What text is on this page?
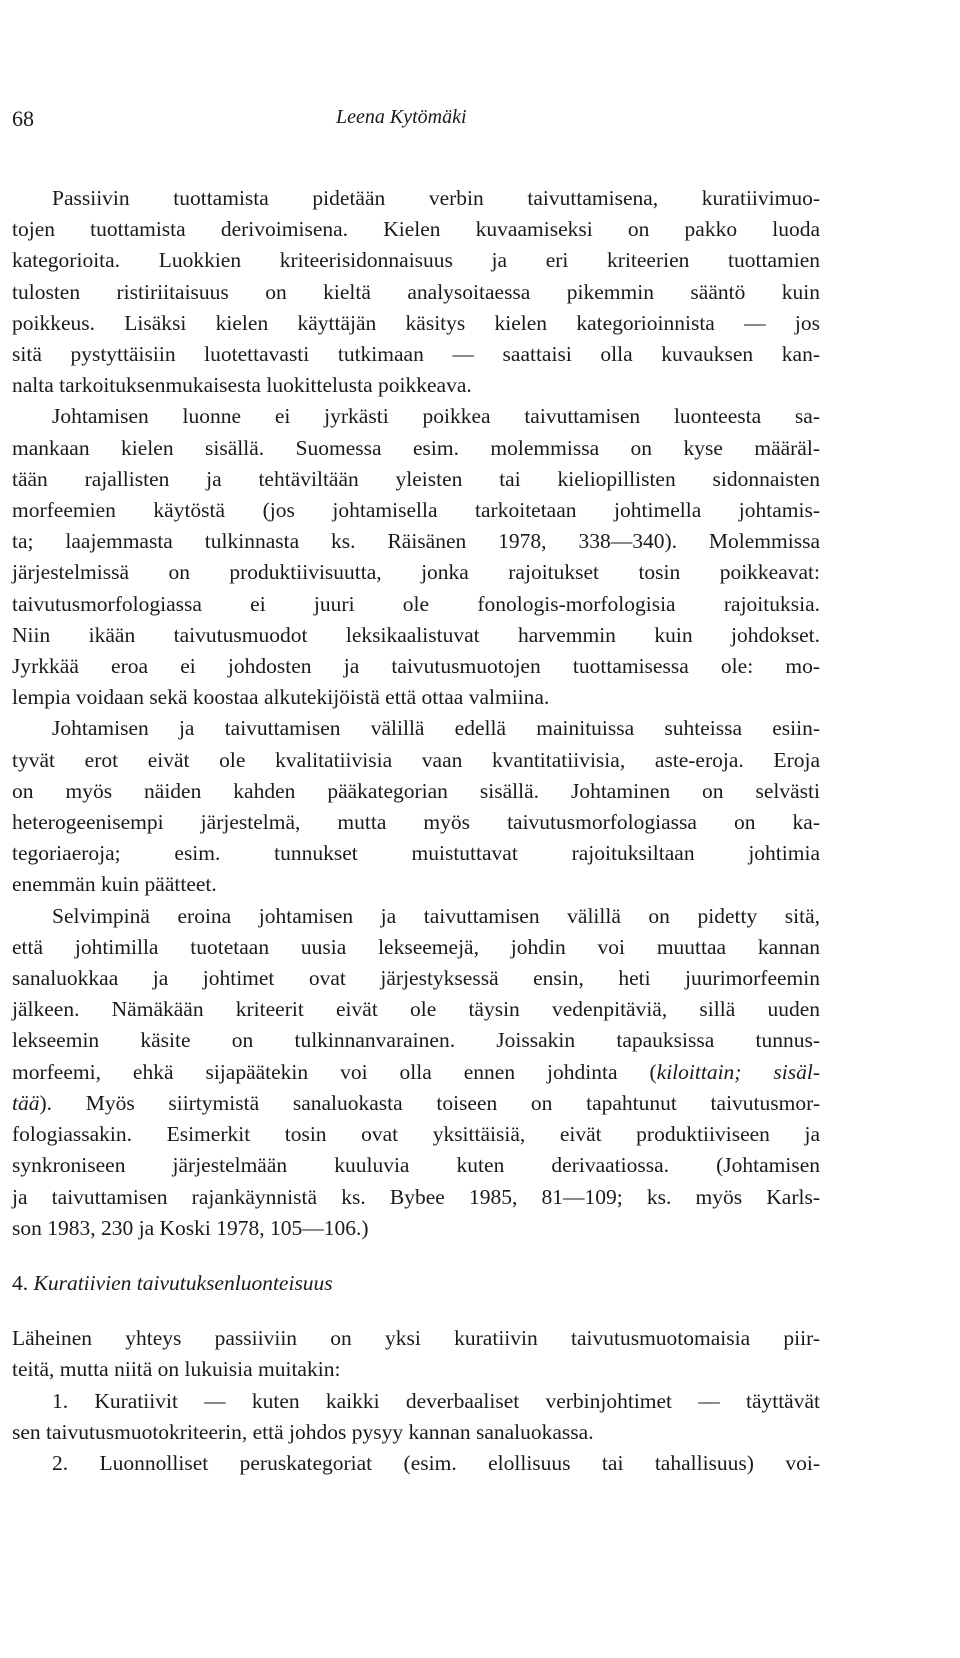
68	Leena Kytömäki
Passiivin tuottamista pidetään verbin taivuttamisena, kuratiivimuo-
tojen tuottamista derivoimisena. Kielen kuvaamiseksi on pakko luoda
kategorioita. Luokkien kriteerisidonnaisuus ja eri kriteerien tuottamien
tulosten ristiriitaisuus on kieltä analysoitaessa pikemmin sääntö kuin
poikkeus. Lisäksi kielen käyttäjän käsitys kielen kategorioinnista — jos
sitä pystyttäisiin luotettavasti tutkimaan — saattaisi olla kuvauksen kan-
nalta tarkoituksenmukaisesta luokittelusta poikkeava.
Johtamisen luonne ei jyrkästi poikkea taivuttamisen luonteesta sa-
mankaan kielen sisällä. Suomessa esim. molemmissa on kyse määräl-
tään rajallisten ja tehtäviltään yleisten tai kieliopillisten sidonnaisten
morfeemien käytöstä (jos johtamisella tarkoitetaan johtimella johtamis-
ta; laajemmasta tulkinnasta ks. Räisänen 1978, 338—340). Molemmissa
järjestelmissä on produktiivisuutta, jonka rajoitukset tosin poikkeavat:
taivutusmorfologiassa ei juuri ole fonologis-morfologisia rajoituksia.
Niin ikään taivutusmuodot leksikaalistuvat harvemmin kuin johdokset.
Jyrkkää eroa ei johdosten ja taivutusmuotojen tuottamisessa ole: mo-
lempia voidaan sekä koostaa alkutekijöistä että ottaa valmiina.
Johtamisen ja taivuttamisen välillä edellä mainituissa suhteissa esiin-
tyvät erot eivät ole kvalitatiivisia vaan kvantitatiivisia, aste-eroja. Eroja
on myös näiden kahden pääkategorian sisällä. Johtaminen on selvästi
heterogeenisempi järjestelmä, mutta myös taivutusmorfologiassa on ka-
tegoriaeroja; esim. tunnukset muistuttavat rajoituksiltaan johtimia
enemmän kuin päätteet.
Selvimpinä eroina johtamisen ja taivuttamisen välillä on pidetty sitä,
että johtimilla tuotetaan uusia lekseemejä, johdin voi muuttaa kannan
sanaluokkaa ja johtimet ovat järjestyksessä ensin, heti juurimorfeemin
jälkeen. Nämäkään kriteerit eivät ole täysin vedenpitäviä, sillä uuden
lekseemin käsite on tulkinnanvarainen. Joissakin tapauksissa tunnus-
morfeemi, ehkä sijapäätekin voi olla ennen johdinta (kiloittain; sisäl-
tää). Myös siirtymistä sanaluokasta toiseen on tapahtunut taivutusmor-
fologiassakin. Esimerkit tosin ovat yksittäisiä, eivät produktiiviseen ja
synkroniseen järjestelmään kuuluvia kuten derivaatiossa. (Johtamisen
ja taivuttamisen rajankäynnistä ks. Bybee 1985, 81—109; ks. myös Karls-
son 1983, 230 ja Koski 1978, 105—106.)
4. Kuratiivien taivutuksenluonteisuus
Läheinen yhteys passiiviin on yksi kuratiivin taivutusmuotomaisia piir-
teitä, mutta niitä on lukuisia muitakin:
1. Kuratiivit — kuten kaikki deverbaaliset verbinjohtimet — täyttävät
sen taivutusmuotokriteerin, että johdos pysyy kannan sanaluokassa.
2. Luonnolliset peruskategoriat (esim. elollisuus tai tahallisuus) voi-
